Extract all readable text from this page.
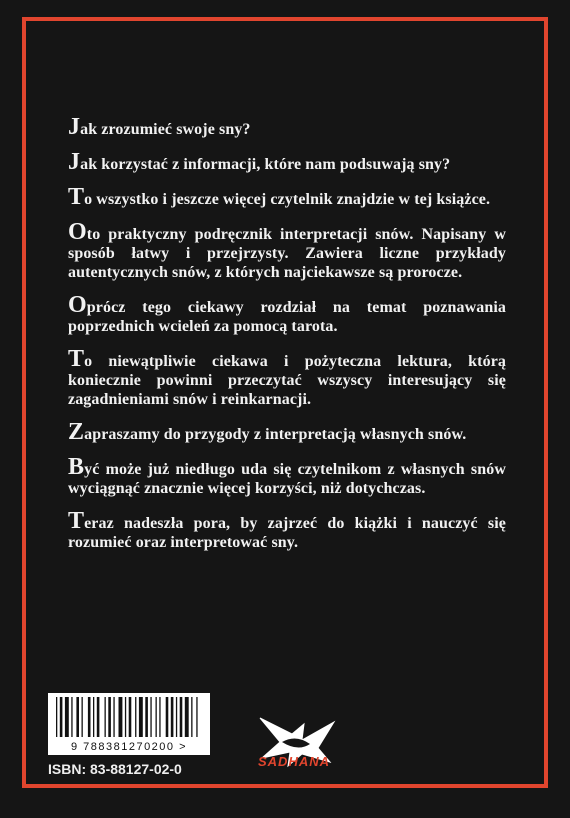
Jak zrozumieć swoje sny?

Jak korzystać z informacji, które nam podsuwają sny?

To wszystko i jeszcze więcej czytelnik znajdzie w tej książce.

Oto praktyczny podręcznik interpretacji snów. Napisany w sposób łatwy i przejrzysty. Zawiera liczne przykłady autentycznych snów, z których najciekawsze są prorocze.

Oprócz tego ciekawy rozdział na temat poznawania poprzednich wcieleń za pomocą tarota.

To niewątpliwie ciekawa i pożyteczna lektura, którą koniecznie powinni przeczytać wszyscy interesujący się zagadnieniami snów i reinkarnacji.

Zapraszamy do przygody z interpretacją własnych snów.

Być może już niedługo uda się czytelnikom z własnych snów wyciągnąć znacznie więcej korzyści, niż dotychczas.

Teraz nadeszła pora, by zajrzeć do kiążki i nauczyć się rozumieć oraz interpretować sny.

9 788381270200 >
ISBN: 83-88127-02-0	SADHANA
